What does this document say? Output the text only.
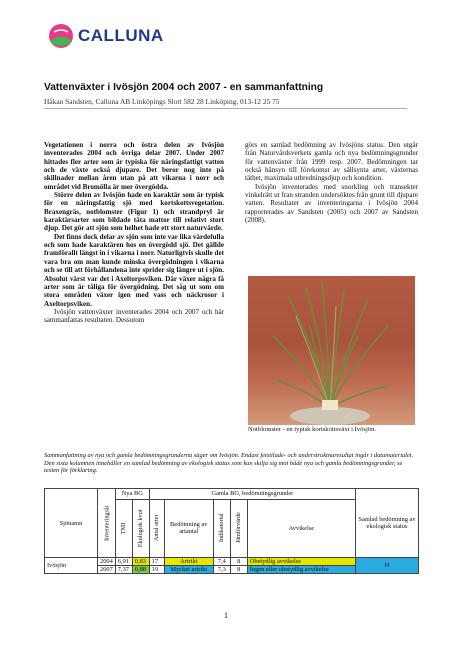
CALLUNA
Vattenväxter i Ivösjön 2004 och 2007 - en sammanfattning
Håkan Sandsten, Calluna AB Linköpings Slott 582 28 Linköping, 013-12 25 75

Vegetationen i norra och östra delen av Ivösjön inventerades 2004 och övriga delar 2007. Under 2007 hittades fler arter som är typiska för näringsfattigt vatten och de växte också djupare. Det beror nog inte på skillnader mellan åren utan på att vikarna i norr och området vid Bromölla är mer övergödda.

Större delen av Ivösjön hade en karaktär som är typisk för en näringsfattig sjö med kortskottsvegetation. Braxengräs, notblomster (Figur 1) och strandpryl är karaktärsarter som bildade täta mattor till relativt stort djup. Det gör att sjön som helhet hade ett stort naturvärde.

Det finns dock delar av sjön som inte var lika värdefulla och som hade karaktären hos en övergödd sjö. Det gällde framförallt längst in i vikarna i norr. Naturligtvis skulle det vara bra om man kunde minska övergödningen i vikarna och se till att förhållandena inte sprider sig längre ut i sjön. Absolut värst var det i Axeltorpsviken. Där växer några få arter som är tåliga för övergödning. Det såg ut som om stora områden växer igen med vass och näckrosor i Axeltorpsviken.

Ivösjön vattenväxter inventerades 2004 och 2007 och här sammanfattas resultaten. Dessutom

görs en samlad bedömning av Ivösjöns status. Den utgår från Naturvårdsverkets gamla och nya bedömningsgrunder för vattenväxter från 1999 resp. 2007. Bedömningen tar också hänsyn till förekomst av sällsynta arter, växternas täthet, maximala utbredningsdjup och kondition.

Ivösjön inventerades med snorkling och transekter vinkelrätt ut fran stranden undersöktes från grunt till djupare vatten. Resultatet av inventeringarna i Ivösjön 2004 rapporterades av Sandsten (2005) och 2007 av Sandsten (2008).

Notblomster - en typisk kortskottsväxt i Ivösjön.
Sammanfattning av nya och gamla bedömningsgrunderna säger om Ivösjön. Endast fetstilade- och understruktnaresultat ingår i datamaterialet. Den sista kolumnen innehåller en samlad bedömning av ekologisk status som kan skilja sig mot både nya och gamla bedömningsgrunder, se texten för förklaring.
Sjönamn	Inventeringsår	Nya BG		Gamla BG, bedömningsgrunder					Samlad bedömning av ekologisk status
		TMI	Ekologisk kvot	Antal arter	Bedömning av artantal	Indikatortal	Jämförvärde	Avvikelse	
Ivösjön	2004	6,91	0,83	17	Artrikt	7,4	8	Obetydlig avvikelse	H
	2007	7,37	0,88	19	Mycket artrikt	7,3	8	Ingen eller obetydlig avvikelse	
1
